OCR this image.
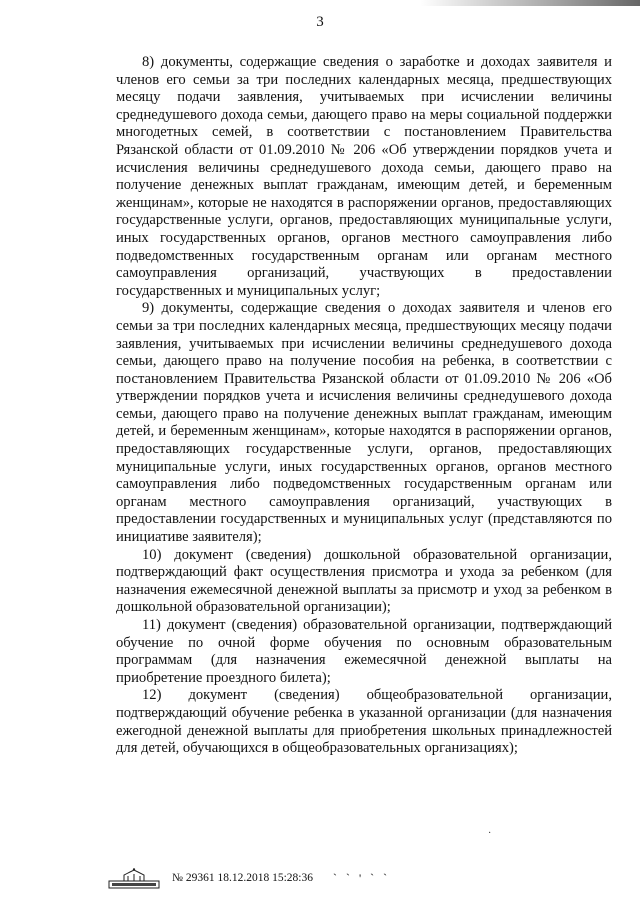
3

8) документы, содержащие сведения о заработке и доходах заявителя и членов его семьи за три последних календарных месяца, предшествующих месяцу подачи заявления, учитываемых при исчислении величины среднедушевого дохода семьи, дающего право на меры социальной поддержки многодетных семей, в соответствии с постановлением Правительства Рязанской области от 01.09.2010 № 206 «Об утверждении порядков учета и исчисления величины среднедушевого дохода семьи, дающего право на получение денежных выплат гражданам, имеющим детей, и беременным женщинам», которые не находятся в распоряжении органов, предоставляющих государственные услуги, органов, предоставляющих муниципальные услуги, иных государственных органов, органов местного самоуправления либо подведомственных государственным органам или органам местного самоуправления организаций, участвующих в предоставлении государственных и муниципальных услуг;

9) документы, содержащие сведения о доходах заявителя и членов его семьи за три последних календарных месяца, предшествующих месяцу подачи заявления, учитываемых при исчислении величины среднедушевого дохода семьи, дающего право на получение пособия на ребенка, в соответствии с постановлением Правительства Рязанской области от 01.09.2010 № 206 «Об утверждении порядков учета и исчисления величины среднедушевого дохода семьи, дающего право на получение денежных выплат гражданам, имеющим детей, и беременным женщинам», которые находятся в распоряжении органов, предоставляющих государственные услуги, органов, предоставляющих муниципальные услуги, иных государственных органов, органов местного самоуправления либо подведомственных государственным органам или органам местного самоуправления организаций, участвующих в предоставлении государственных и муниципальных услуг (представляются по инициативе заявителя);

10) документ (сведения) дошкольной образовательной организации, подтверждающий факт осуществления присмотра и ухода за ребенком (для назначения ежемесячной денежной выплаты за присмотр и уход за ребенком в дошкольной образовательной организации);

11) документ (сведения) образовательной организации, подтверждающий обучение по очной форме обучения по основным образовательным программам (для назначения ежемесячной денежной выплаты на приобретение проездного билета);

12) документ (сведения) общеобразовательной организации, подтверждающий обучение ребенка в указанной организации (для назначения ежегодной денежной выплаты для приобретения школьных принадлежностей для детей, обучающихся в общеобразовательных организациях);

·
№ 29361 18.12.2018 15:28:36 ` ` ' ` `
